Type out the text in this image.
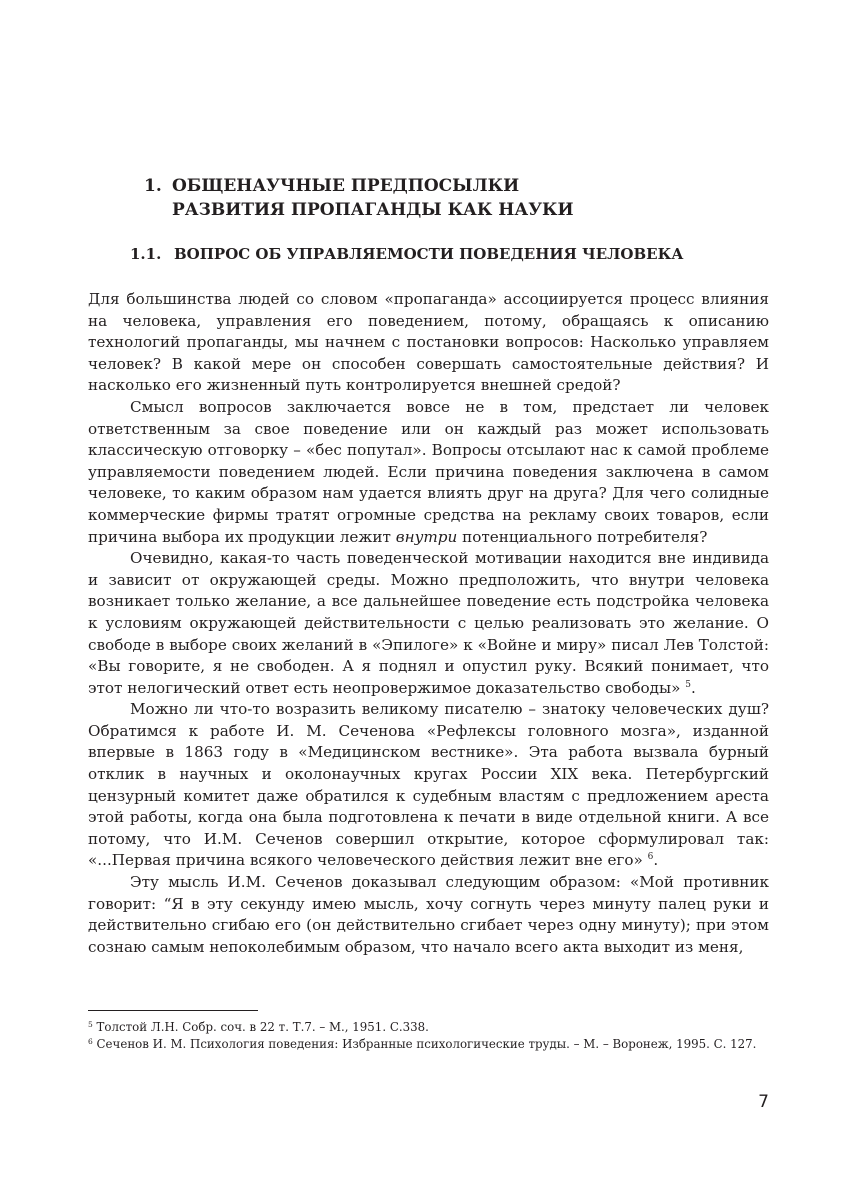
1. ОБЩЕНАУЧНЫЕ ПРЕДПОСЫЛКИ
РАЗВИТИЯ ПРОПАГАНДЫ КАК НАУКИ
1.1. ВОПРОС ОБ УПРАВЛЯЕМОСТИ ПОВЕДЕНИЯ ЧЕЛОВЕКА

Для большинства людей со словом «пропаганда» ассоциируется процесс влияния на человека, управления его поведением, потому, обращаясь к описанию технологий пропаганды, мы начнем с постановки вопросов: Насколько управляем человек? В какой мере он способен совершать самостоятельные действия? И насколько его жизненный путь контролируется внешней средой?

Смысл вопросов заключается вовсе не в том, предстает ли человек ответственным за свое поведение или он каждый раз может использовать классическую отговорку – «бес попутал». Вопросы отсылают нас к самой проблеме управляемости поведением людей. Если причина поведения заключена в самом человеке, то каким образом нам удается влиять друг на друга? Для чего солидные коммерческие фирмы тратят огромные средства на рекламу своих товаров, если причина выбора их продукции лежит внутри потенциального потребителя?

Очевидно, какая-то часть поведенческой мотивации находится вне индивида и зависит от окружающей среды. Можно предположить, что внутри человека возникает только желание, а все дальнейшее поведение есть подстройка человека к условиям окружающей действительности с целью реализовать это желание. О свободе в выборе своих желаний в «Эпилоге» к «Войне и миру» писал Лев Толстой: «Вы говорите, я не свободен. А я поднял и опустил руку. Всякий понимает, что этот нелогический ответ есть неопровержимое доказательство свободы» $^5$.

Можно ли что-то возразить великому писателю – знатоку человеческих душ? Обратимся к работе И. М. Сеченова «Рефлексы головного мозга», изданной впервые в 1863 году в «Медицинском вестнике». Эта работа вызвала бурный отклик в научных и околонаучных кругах России XIX века. Петербургский цензурный комитет даже обратился к судебным властям с предложением ареста этой работы, когда она была подготовлена к печати в виде отдельной книги. А все потому, что И.М. Сеченов совершил открытие, которое сформулировал так: «...Первая причина всякого человеческого действия лежит вне его» $^6$.

Эту мысль И.М. Сеченов доказывал следующим образом: «Мой противник говорит: “Я в эту секунду имею мысль, хочу согнуть через минуту палец руки и действительно сгибаю его (он действительно сгибает через одну минуту); при этом сознаю самым непоколебимым образом, что начало всего акта выходит из меня,

$^5$ Толстой Л.Н. Собр. соч. в 22 т. Т.7. – М., 1951. С.338.

$^6$ Сеченов И. М. Психология поведения: Избранные психологические труды. – М. – Воронеж, 1995. С. 127.

7
